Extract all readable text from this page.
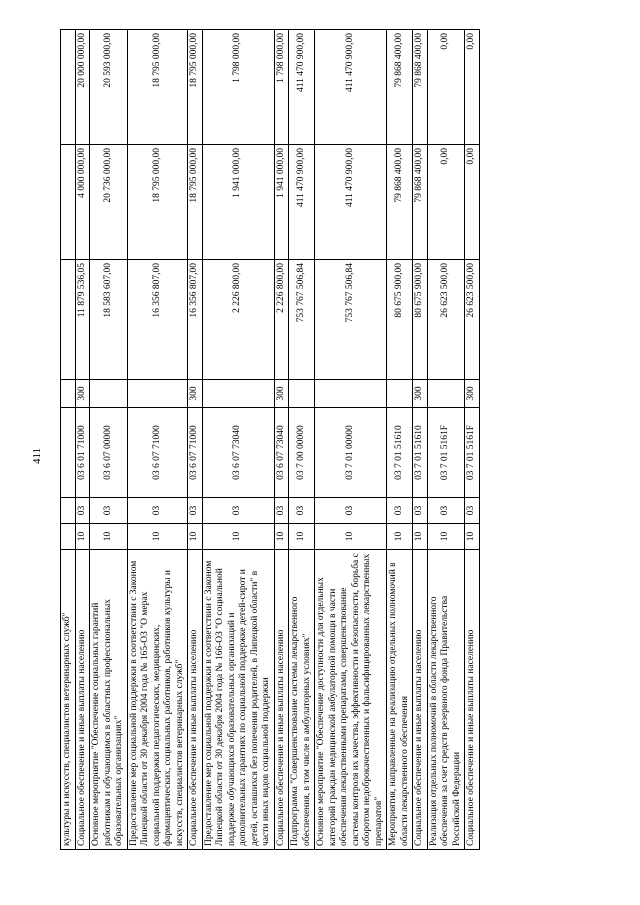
411
культуры и искусств, специалистов ветеринарных служб"							
Социальное обеспечение и иные выплаты населению	10	03	03 6 01 71000	300	11 879 536,05	4 000 000,00	20 000 000,00
Основное мероприятие "Обеспечение социальных гарантий работникам и обучающимся в областных профессиональных образовательных организациях"	10	03	03 6 07 00000		18 583 607,00	20 736 000,00	20 593 000,00
Предоставление мер социальной поддержки в соответствии с Законом Липецкой области от 30 декабря 2004 года № 165-ОЗ "О мерах социальной поддержки педагогических, медицинских, фармацевтических, социальных работников, работников культуры и искусств, специалистов ветеринарных служб"	10	03	03 6 07 71000		16 356 807,00	18 795 000,00	18 795 000,00
Социальное обеспечение и иные выплаты населению	10	03	03 6 07 71000	300	16 356 807,00	18 795 000,00	18 795 000,00
Предоставление мер социальной поддержки в соответствии с Законом Липецкой области от 30 декабря 2004 года № 166-ОЗ "О социальной поддержке обучающихся образовательных организаций и дополнительных гарантиях по социальной поддержке детей-сирот и детей, оставшихся без попечения родителей, в Липецкой области" в части иных видов социальной поддержки	10	03	03 6 07 73040		2 226 800,00	1 941 000,00	1 798 000,00
Социальное обеспечение и иные выплаты населению	10	03	03 6 07 73040	300	2 226 800,00	1 941 000,00	1 798 000,00
Подпрограмма "Совершенствование системы лекарственного обеспечения, в том числе в амбулаторных условиях"	10	03	03 7 00 00000		753 767 506,84	411 470 900,00	411 470 900,00
Основное мероприятие "Обеспечение доступности для отдельных категорий граждан медицинской амбулаторной помощи в части обеспечения лекарственными препаратами, совершенствование системы контроля их качества, эффективности и безопасности, борьба с оборотом недоброкачественных и фальсифицированных лекарственных препаратов"	10	03	03 7 01 00000		753 767 506,84	411 470 900,00	411 470 900,00
Мероприятия, направленные на реализацию отдельных полномочий в области лекарственного обеспечения	10	03	03 7 01 51610		80 675 900,00	79 868 400,00	79 868 400,00
Социальное обеспечение и иные выплаты населению	10	03	03 7 01 51610	300	80 675 900,00	79 868 400,00	79 868 400,00
Реализация отдельных полномочий в области лекарственного обеспечения за счет средств резервного фонда Правительства Российской Федерации	10	03	03 7 01 5161F		26 623 500,00	0,00	0,00
Социальное обеспечение и иные выплаты населению	10	03	03 7 01 5161F	300	26 623 500,00	0,00	0,00
